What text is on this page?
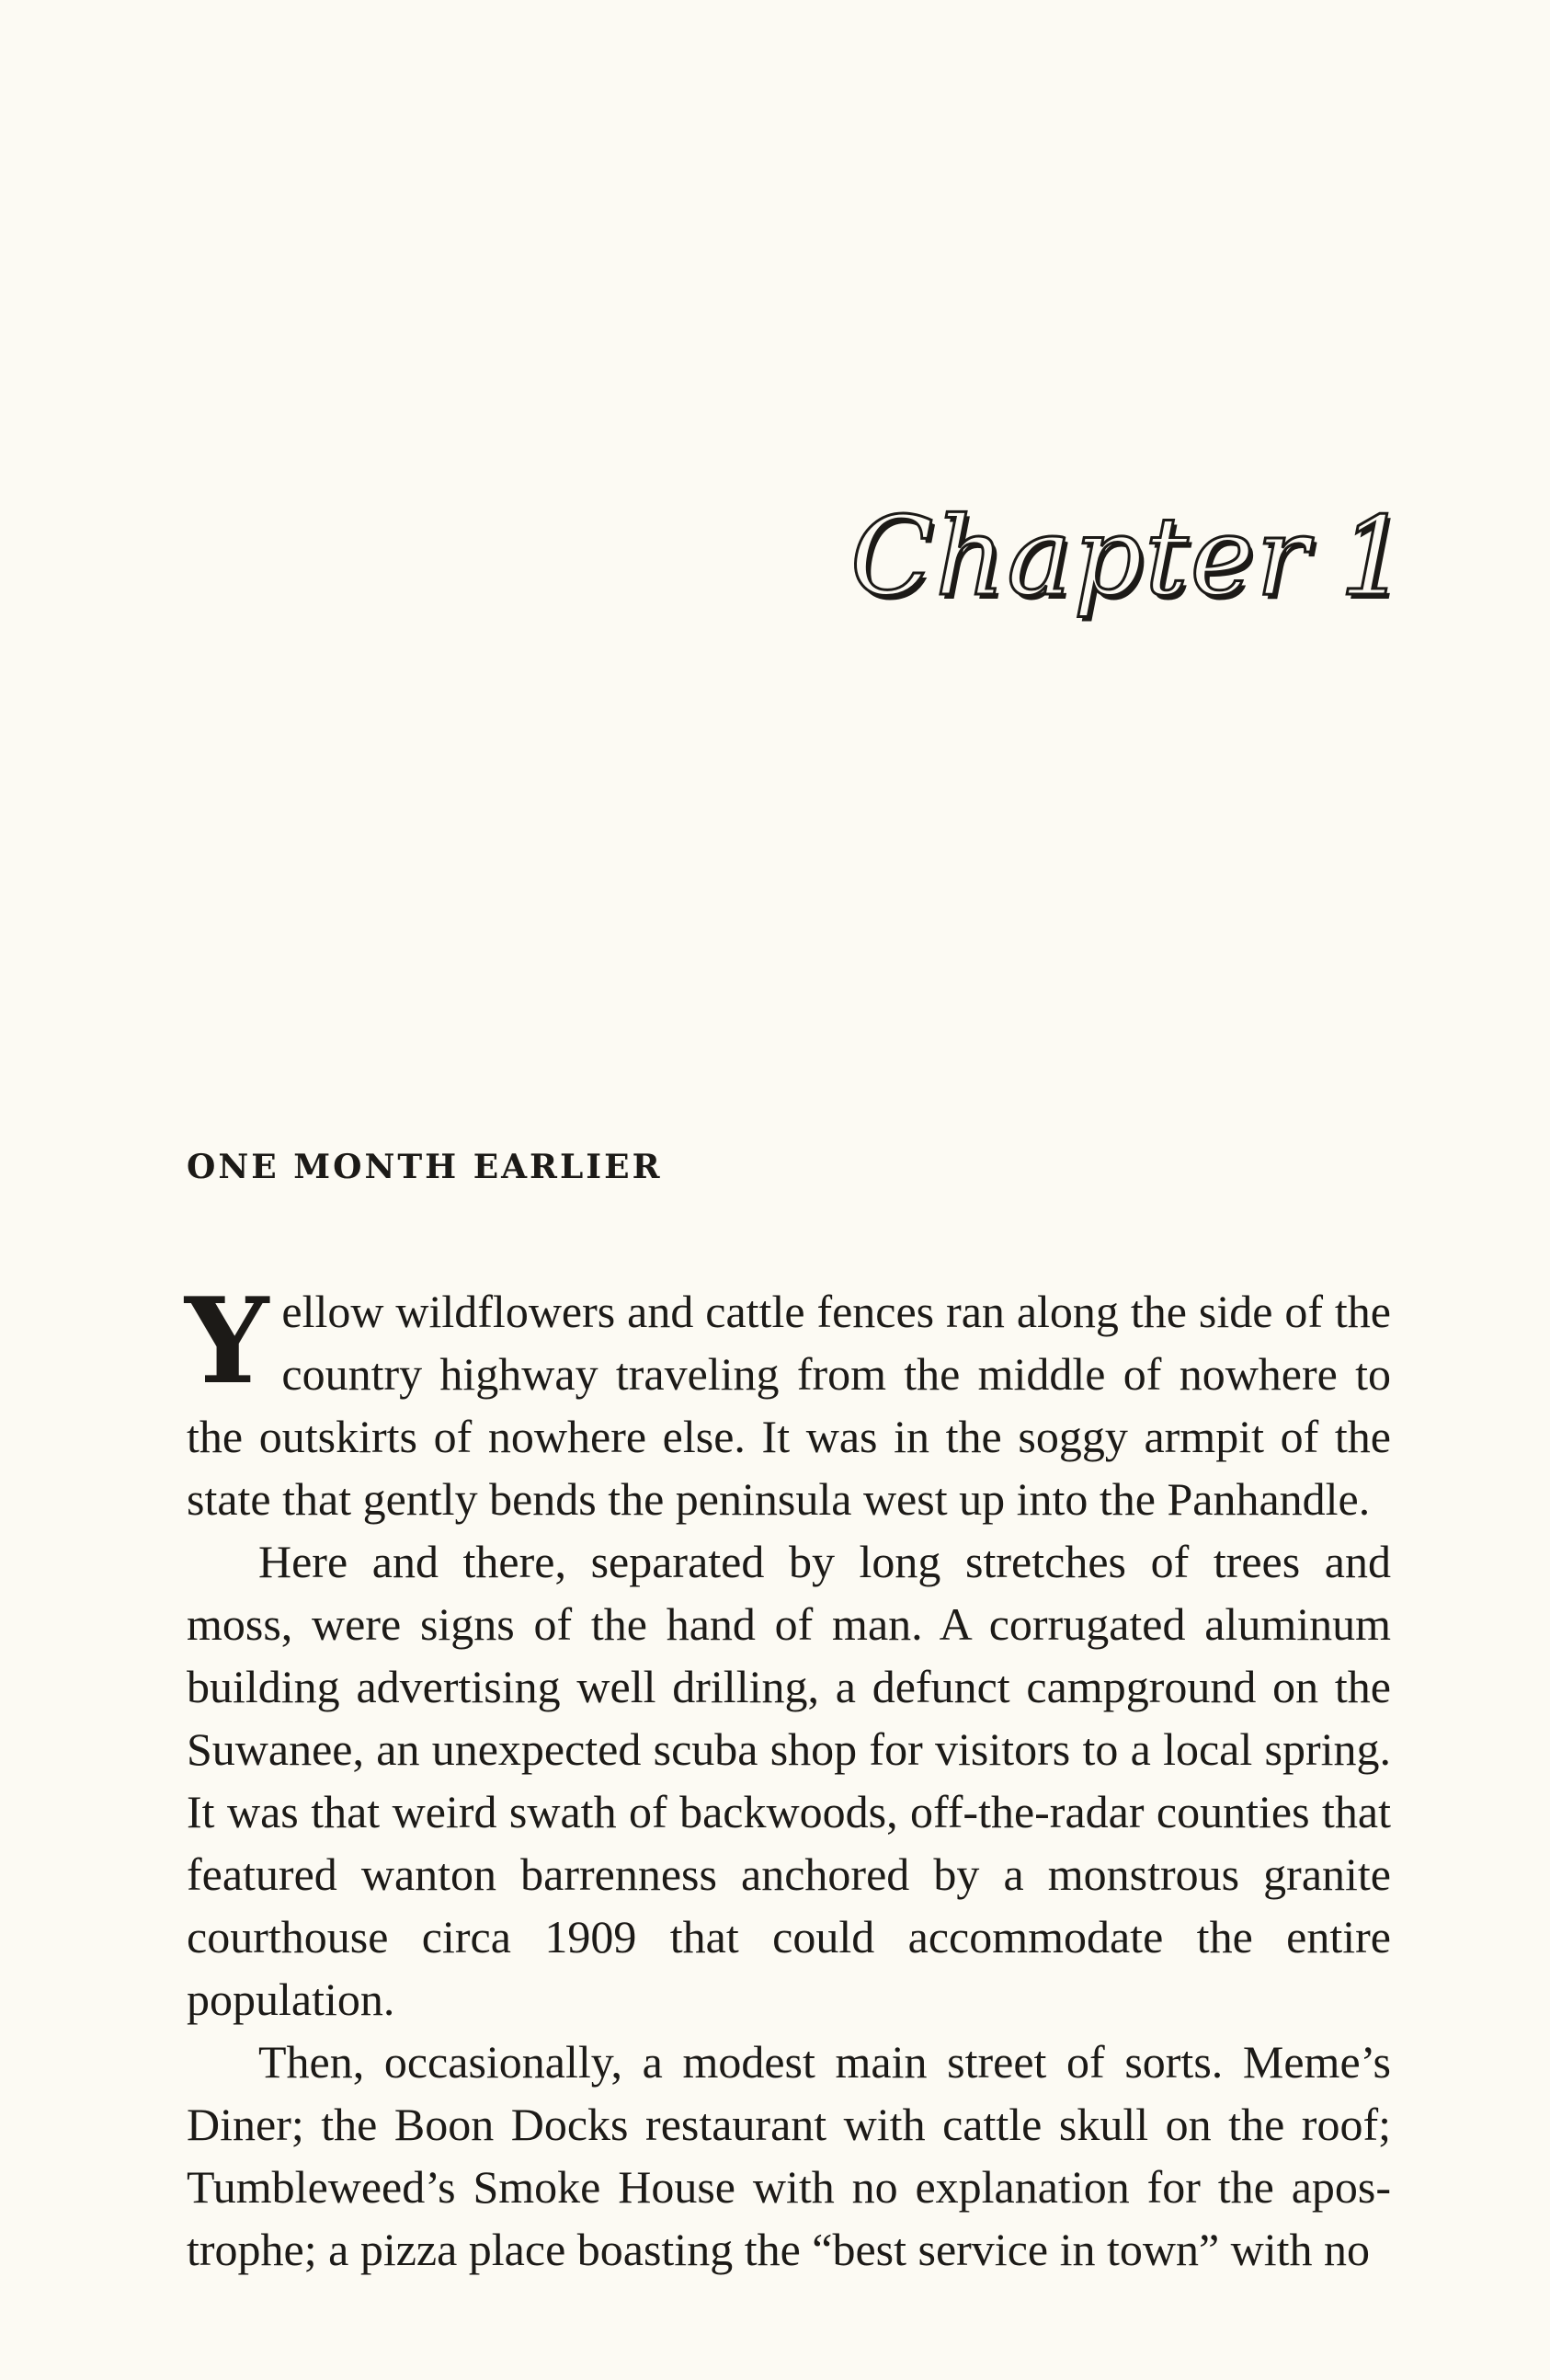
Chapter 1
ONE MONTH EARLIER

Yellow wildflowers and cattle fences ran along the side of the country highway traveling from the middle of nowhere to the outskirts of nowhere else. It was in the soggy armpit of the state that gently bends the peninsula west up into the Panhandle.

Here and there, separated by long stretches of trees and moss, were signs of the hand of man. A corrugated aluminum building advertising well drilling, a defunct campground on the Suwanee, an unexpected scuba shop for visitors to a local spring. It was that weird swath of backwoods, off-the-radar counties that featured wanton barrenness anchored by a monstrous granite courthouse circa 1909 that could accommodate the entire population.

Then, occasionally, a modest main street of sorts. Meme’s Diner; the Boon Docks restaurant with cattle skull on the roof; Tumbleweed’s Smoke House with no explanation for the apos-trophe; a pizza place boasting the “best service in town” with no
